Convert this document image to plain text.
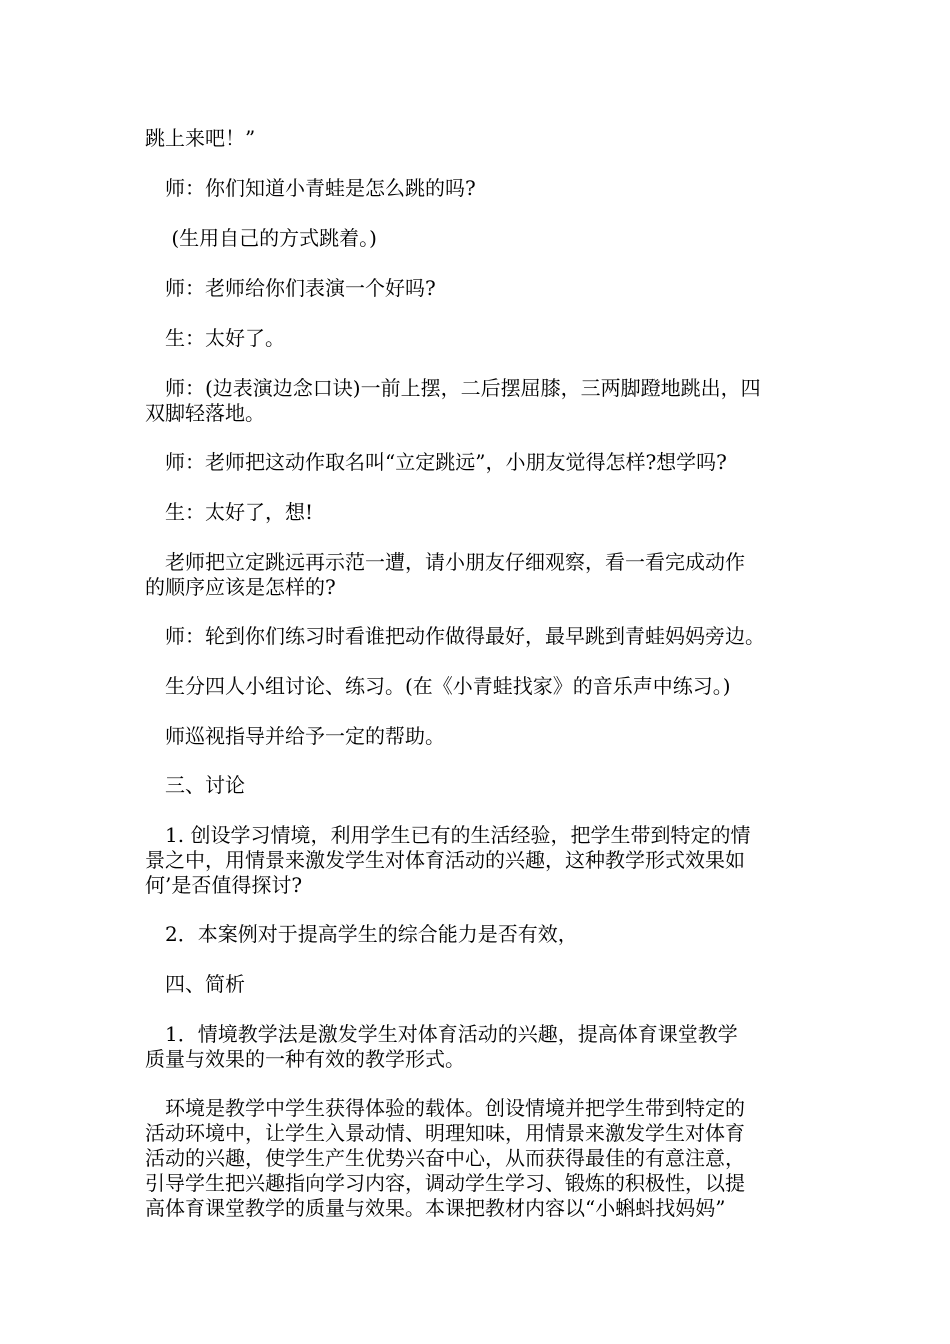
跳上来吧！”

　师：你们知道小青蛙是怎么跳的吗?

　 (生用自己的方式跳着。)

　师：老师给你们表演一个好吗?

　生：太好了。

　师：(边表演边念口诀)一前上摆，二后摆屈膝，三两脚蹬地跳出，四
双脚轻落地。

　师：老师把这动作取名叫“立定跳远”，小朋友觉得怎样?想学吗?

　生：太好了，想!

　老师把立定跳远再示范一遭，请小朋友仔细观察，看一看完成动作
的顺序应该是怎样的?

　师：轮到你们练习时看谁把动作做得最好，最早跳到青蛙妈妈旁边。

　生分四人小组讨论、练习。(在《小青蛙找家》的音乐声中练习。)

　师巡视指导并给予一定的帮助。

　三、讨论

　1. 创设学习情境，利用学生已有的生活经验，把学生带到特定的情
景之中，用情景来激发学生对体育活动的兴趣，这种教学形式效果如
何’是否值得探讨?

　2．本案例对于提高学生的综合能力是否有效，

　四、简析

　1．情境教学法是激发学生对体育活动的兴趣，提高体育课堂教学
质量与效果的一种有效的教学形式。

　环境是教学中学生获得体验的载体。创设情境并把学生带到特定的
活动环境中，让学生入景动情、明理知味，用情景来激发学生对体育
活动的兴趣，使学生产生优势兴奋中心，从而获得最佳的有意注意，
引导学生把兴趣指向学习内容，调动学生学习、锻炼的积极性，以提
高体育课堂教学的质量与效果。本课把教材内容以“小蝌蚪找妈妈”
